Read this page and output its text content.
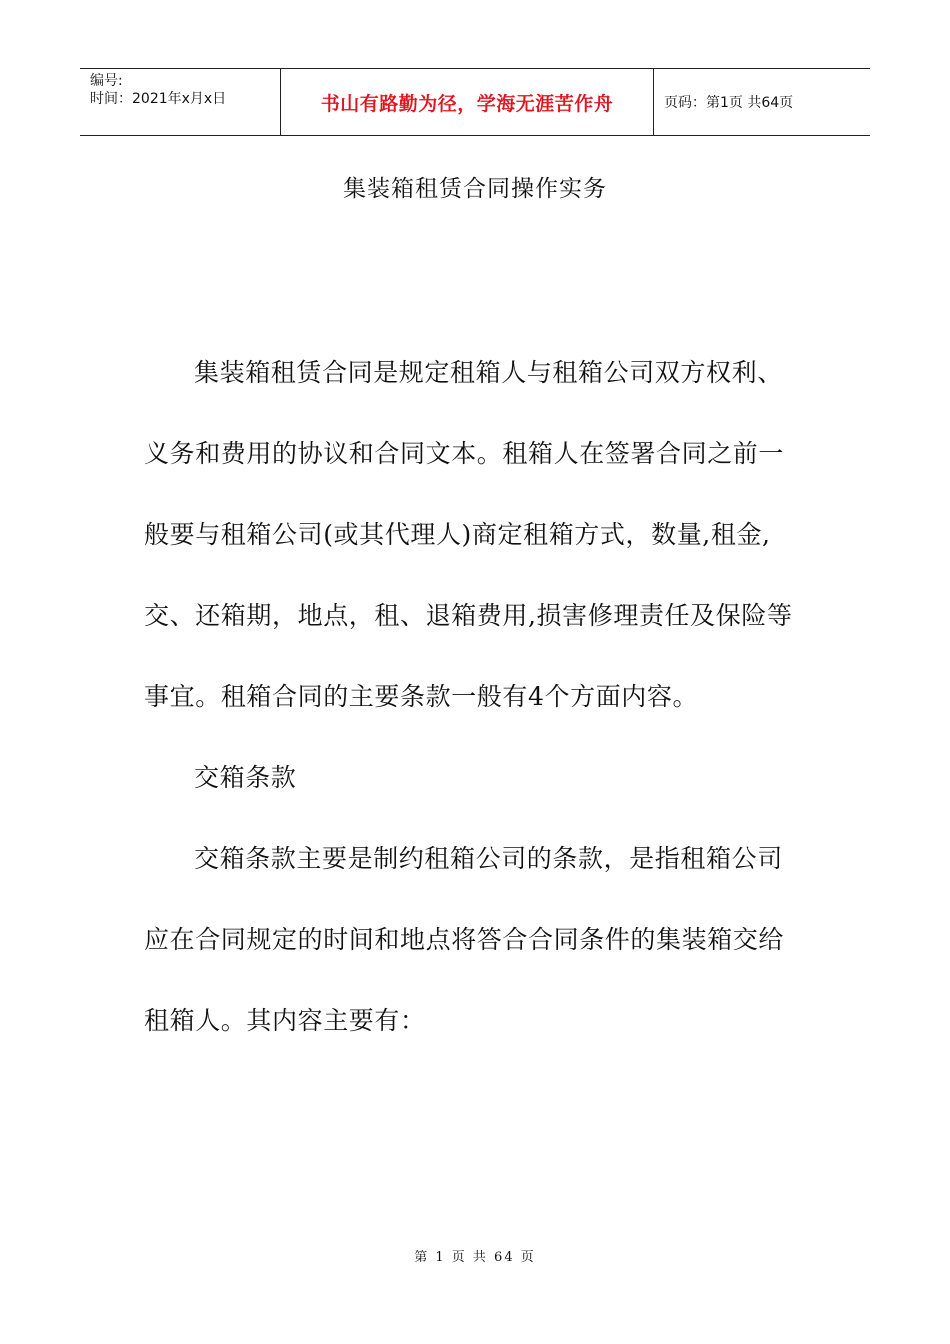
编号:
时间：2021年x月x日	书山有路勤为径，学海无涯苦作舟	页码：第1页 共64页
集装箱租赁合同操作实务

集装箱租赁合同是规定租箱人与租箱公司双方权利、义务和费用的协议和合同文本。租箱人在签署合同之前一般要与租箱公司(或其代理人)商定租箱方式，数量,租金,交、还箱期，地点，租、退箱费用,损害修理责任及保险等事宜。租箱合同的主要条款一般有4个方面内容。

交箱条款

交箱条款主要是制约租箱公司的条款，是指租箱公司应在合同规定的时间和地点将答合合同条件的集装箱交给租箱人。其内容主要有：

第 1 页 共 64 页
